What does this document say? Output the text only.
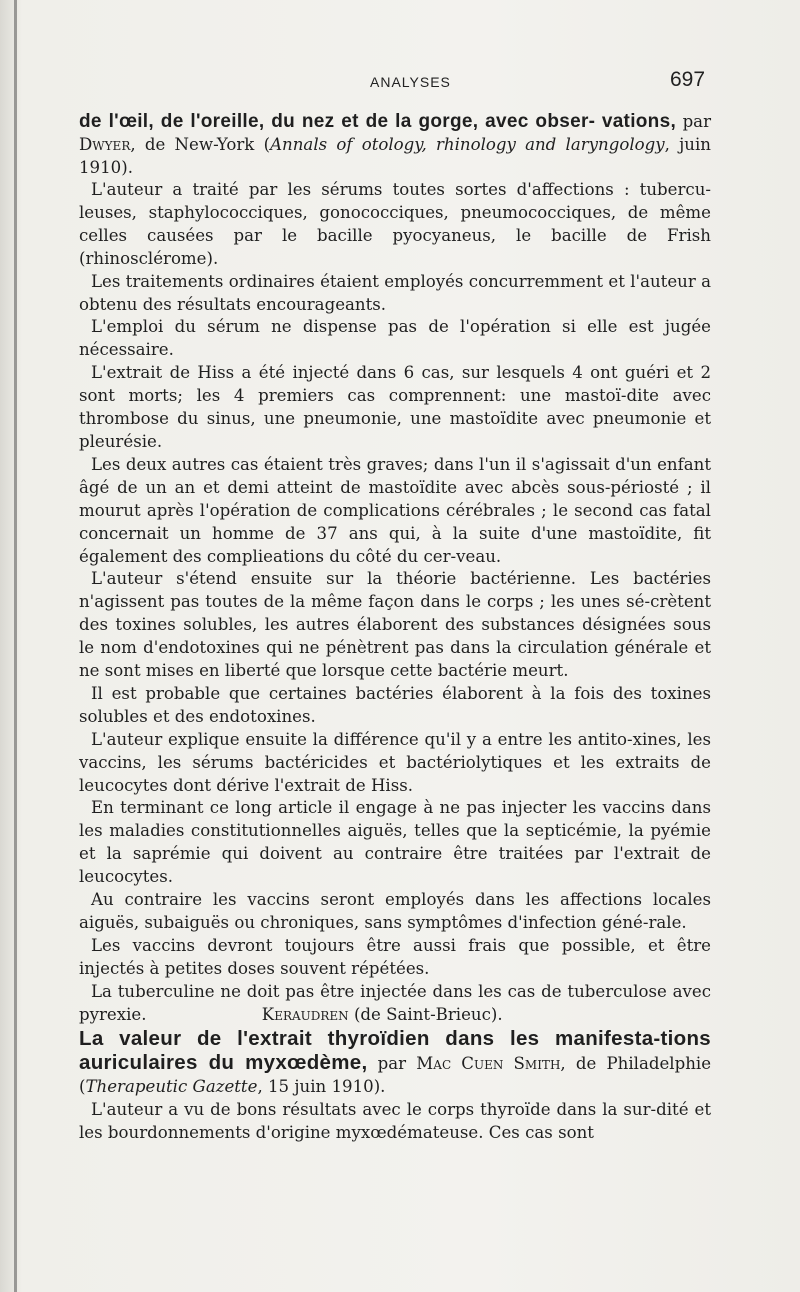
ANALYSES	697

de l'œil, de l'oreille, du nez et de la gorge, avec obser- vations, par Dwyer, de New-York (Annals of otology, rhinology and laryngology, juin 1910).

L'auteur a traité par les sérums toutes sortes d'affections : tubercu-leuses, staphylococciques, gonococciques, pneumococciques, de même celles causées par le bacille pyocyaneus, le bacille de Frish (rhinosclérome).

Les traitements ordinaires étaient employés concurremment et l'auteur a obtenu des résultats encourageants.

L'emploi du sérum ne dispense pas de l'opération si elle est jugée nécessaire.

L'extrait de Hiss a été injecté dans 6 cas, sur lesquels 4 ont guéri et 2 sont morts; les 4 premiers cas comprennent: une mastoï-dite avec thrombose du sinus, une pneumonie, une mastoïdite avec pneumonie et pleurésie.

Les deux autres cas étaient très graves; dans l'un il s'agissait d'un enfant âgé de un an et demi atteint de mastoïdite avec abcès sous-périosté ; il mourut après l'opération de complications cérébrales ; le second cas fatal concernait un homme de 37 ans qui, à la suite d'une mastoïdite, fit également des complieations du côté du cer-veau.

L'auteur s'étend ensuite sur la théorie bactérienne. Les bactéries n'agissent pas toutes de la même façon dans le corps ; les unes sé-crètent des toxines solubles, les autres élaborent des substances désignées sous le nom d'endotoxines qui ne pénètrent pas dans la circulation générale et ne sont mises en liberté que lorsque cette bactérie meurt.

Il est probable que certaines bactéries élaborent à la fois des toxines solubles et des endotoxines.

L'auteur explique ensuite la différence qu'il y a entre les antito-xines, les vaccins, les sérums bactéricides et bactériolytiques et les extraits de leucocytes dont dérive l'extrait de Hiss.

En terminant ce long article il engage à ne pas injecter les vaccins dans les maladies constitutionnelles aiguës, telles que la septicémie, la pyémie et la saprémie qui doivent au contraire être traitées par l'extrait de leucocytes.

Au contraire les vaccins seront employés dans les affections locales aiguës, subaiguës ou chroniques, sans symptômes d'infection géné-rale.

Les vaccins devront toujours être aussi frais que possible, et être injectés à petites doses souvent répétées.

La tuberculine ne doit pas être injectée dans les cas de tuberculose avec pyrexie.	Keraudren (de Saint-Brieuc).

La valeur de l'extrait thyroïdien dans les manifesta-tions auriculaires du myxœdème, par Mac Cuen Smith, de Philadelphie (Therapeutic Gazette, 15 juin 1910).

L'auteur a vu de bons résultats avec le corps thyroïde dans la sur-dité et les bourdonnements d'origine myxœdémateuse. Ces cas sont
